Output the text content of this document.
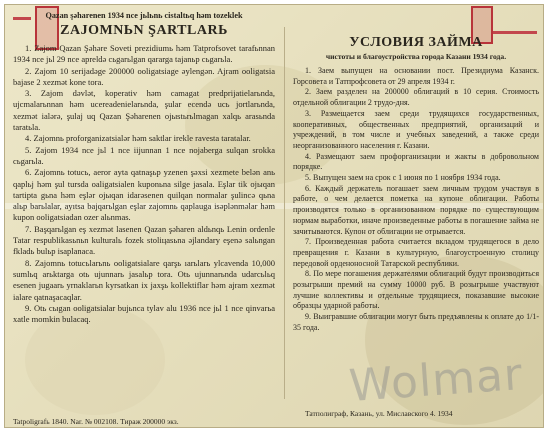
Qazan şəharenen 1934 nce jьlьnь cistaltьq həm tozeklek
ZAJOMNЬN ŞARTLARЬ
1. Zajom Qazan Şəhəre Soveti prezidiumь həm Tatprofsovet tarafьnnan 1934 nce jьl 29 nce apreldə сьgarьlgan qararga tajanьp сьgarьla.
2. Zajom 10 serijadəge 200000 ooligatsiage əylengən. Ajram ooligatsia bajase 2 xezmət kone tora.
3. Zajom dəvlət, koperativ həm camagat predprijatielarьnda, ujcmalarьnnan həm ucereadenielarьnda, şular ecendə ucь jortlarьnda, xezmət ialərə, şulaj uq Qazan Şəharenen ojыstьrьlmagan xalqь arasьnda taratьla.
4. Zajomnь proforganizatsiаlər həm saktlar irekle ravesta taratalar.
5. Zajom 1934 nce jьl 1 nce iijunnan 1 nce nojaberga sulqan srokka сьgarьla.
6. Zajomnь totucь, aeror ayta qatnaşьp yzenen şəxsi xezmete belən anь qaplьj həm şul tursda oaligatsialen kuponьna silge jasala. Eşlar tik ojыqan tartipta gьna həm eşlər ojыqan idarəsenen quilqan normalar şulincə qьna alьp barьlalar, ayıtsa bajqarьlgan eşlar zajomnь qaplauga isəplənməlar həm kupon ooligatsiadan ozer alьnmas.
7. Başqarьlgan eş xezmət lasenen Qazan şəharen aldьnqь Lenin ordenle Tatar respublikasьnьn kulturalь fozek stoliцasьna əjlandary eşenə salьngan fkladь bulьp isaplanaca.
8. Zajomnь totucьlarьnь ooligatsialare qarşь ıarьlarь ylcavenda 10,000 sumlьq arьktarga otь ujunnarь jasalьp tora. Otь ujunnarьnda udarcьlьq esenen jugaarь yrnaklarьn kyrsatkan ix jaxşь kollektiflar həm ajram xezmət ialare qatnaşacaqlar.
9. Otь сыgan ooligatsialar bujьnca tylav alu 1936 nce jьl 1 nce qinvarьa xatle momkin bulacaq.
УСЛОВИЯ ЗАЙМА
чистоты и благоустройства города Казани 1934 года.
1. Заем выпущен на основании пост. Президиума Казанск. Горсовета и Татпрофсовета от 29 апреля 1934 г.
2. Заем разделен на 200000 облигаций в 10 серия. Стоимость отдельной облигации 2 трудо-дня.
3. Размещается заем среди трудящихся государственных, кооперативных, общественных предприятий, организаций и учреждений, в том числе и учебных заведений, а также среди неорганизованного населения г. Казани.
4. Размещают заем профорганизации и жакты в добровольном порядке.
5. Выпущен заем на срок с 1 июня по 1 ноября 1934 года.
6. Каждый держатель погашает заем личным трудом участвуя в работе, о чем делается пометка на купоне облигации. Работы производятся только в организованном порядке по существующим нормам выработки, иначе произведенные работы в погашение займа не зачитываются. Купон от облигации не отрывается.
7. Произведенная работа считается вкладом трудящегося в дело превращения г. Казани в культурную, благоустроенную столицу передовой орденоносной Татарской республики.
8. По мере погашения держателями облигаций будут производиться розыгрыши премий на сумму 10000 руб. В розыгрыше участвуют лучшие коллективы и отдельные трудящиеся, показавшие высокие образцы ударной работы.
9. Выигравшие облигации могут быть предъявлены к оплате до 1/1-35 года.
Tatpoligrafь 1840. Nar. № 002108. Тираж 200000 экз.
Татполиграф, Казань, ул. Миславского 4. 1934
Wolmar
